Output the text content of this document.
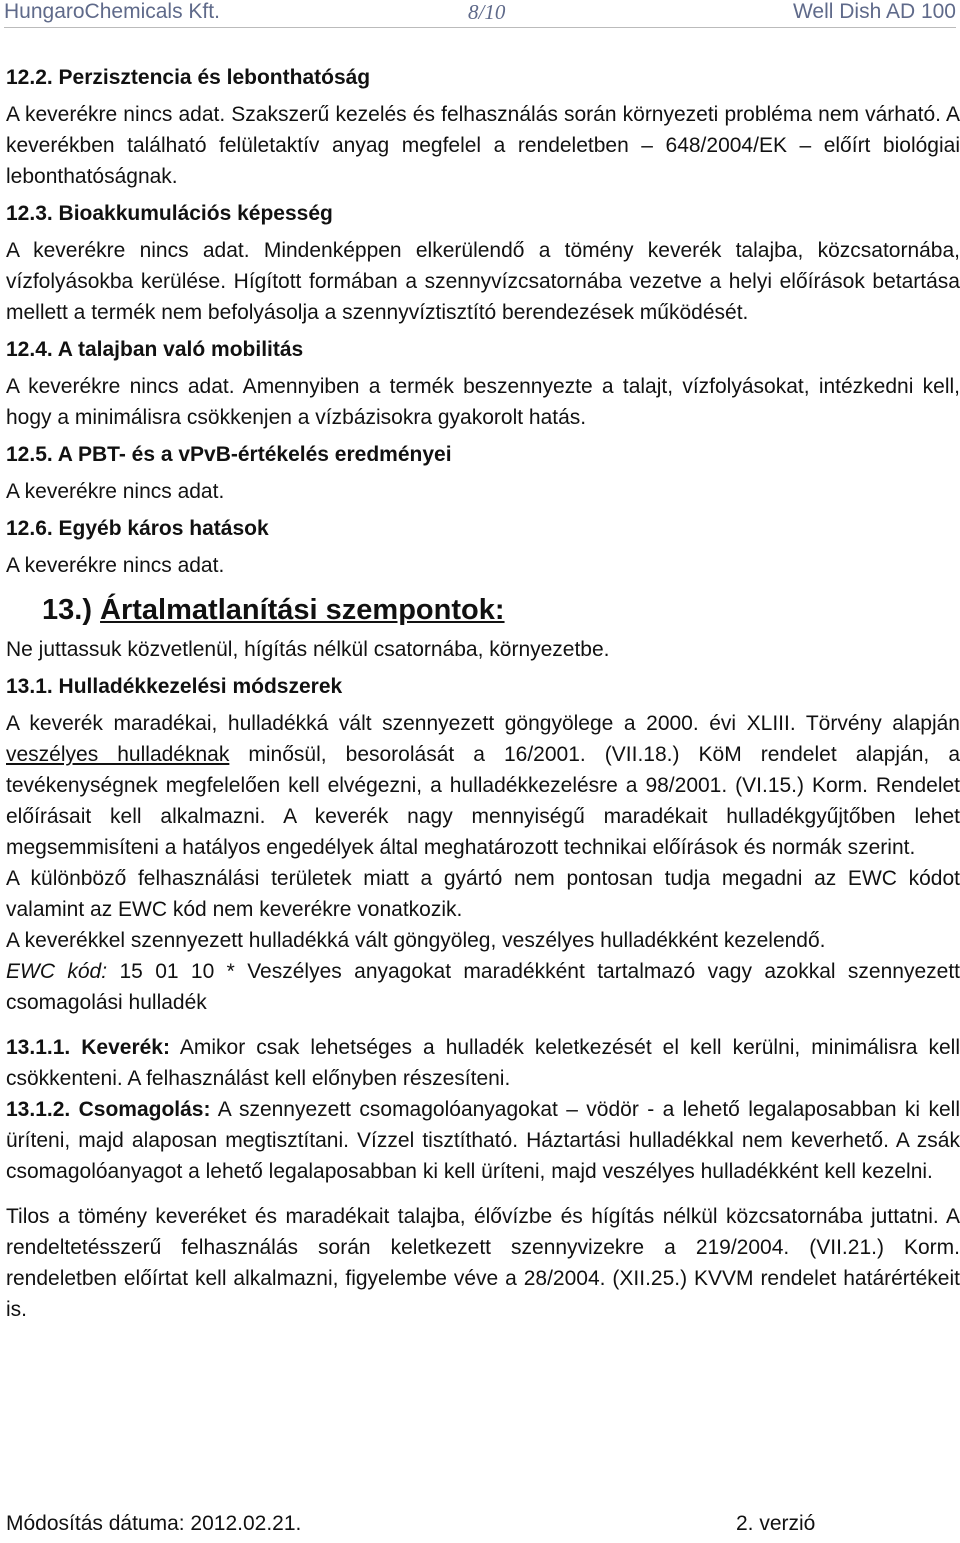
HungaroChemicals Kft.	8/10	Well Dish AD 100

12.2. Perzisztencia és lebonthatóság

A keverékre nincs adat. Szakszerű kezelés és felhasználás során környezeti probléma nem várható. A keverékben található felületaktív anyag megfelel a rendeletben – 648/2004/EK – előírt biológiai lebonthatóságnak.

12.3. Bioakkumulációs képesség

A keverékre nincs adat. Mindenképpen elkerülendő a tömény keverék talajba, közcsatornába, vízfolyásokba kerülése. Hígított formában a szennyvízcsatornába vezetve a helyi előírások betartása mellett a termék nem befolyásolja a szennyvíztisztító berendezések működését.

12.4. A talajban való mobilitás

A keverékre nincs adat. Amennyiben a termék beszennyezte a talajt, vízfolyásokat, intézkedni kell, hogy a minimálisra csökkenjen a vízbázisokra gyakorolt hatás.

12.5. A PBT- és a vPvB-értékelés eredményei

A keverékre nincs adat.

12.6. Egyéb káros hatások

A keverékre nincs adat.

13.) Ártalmatlanítási szempontok:

Ne juttassuk közvetlenül, hígítás nélkül csatornába, környezetbe.

13.1. Hulladékkezelési módszerek

A keverék maradékai, hulladékká vált szennyezett göngyölege a 2000. évi XLIII. Törvény alapján veszélyes hulladéknak minősül, besorolását a 16/2001. (VII.18.) KöM rendelet alapján, a tevékenységnek megfelelően kell elvégezni, a hulladékkezelésre a 98/2001. (VI.15.) Korm. Rendelet előírásait kell alkalmazni. A keverék nagy mennyiségű maradékait hulladékgyűjtőben lehet megsemmisíteni a hatályos engedélyek által meghatározott technikai előírások és normák szerint.

A különböző felhasználási területek miatt a gyártó nem pontosan tudja megadni az EWC kódot valamint az EWC kód nem keverékre vonatkozik.

A keverékkel szennyezett hulladékká vált göngyöleg, veszélyes hulladékként kezelendő.

EWC kód: 15 01 10 * Veszélyes anyagokat maradékként tartalmazó vagy azokkal szennyezett csomagolási hulladék

13.1.1. Keverék: Amikor csak lehetséges a hulladék keletkezését el kell kerülni, minimálisra kell csökkenteni. A felhasználást kell előnyben részesíteni.

13.1.2. Csomagolás: A szennyezett csomagolóanyagokat – vödör - a lehető legalaposabban ki kell üríteni, majd alaposan megtisztítani. Vízzel tisztítható. Háztartási hulladékkal nem keverhető. A zsák csomagolóanyagot a lehető legalaposabban ki kell üríteni, majd veszélyes hulladékként kell kezelni.

Tilos a tömény keveréket és maradékait talajba, élővízbe és hígítás nélkül közcsatornába juttatni. A rendeltetésszerű felhasználás során keletkezett szennyvizekre a 219/2004. (VII.21.) Korm. rendeletben előírtat kell alkalmazni, figyelembe véve a 28/2004. (XII.25.) KVVM rendelet határértékeit is.

Módosítás dátuma: 2012.02.21.	2. verzió
